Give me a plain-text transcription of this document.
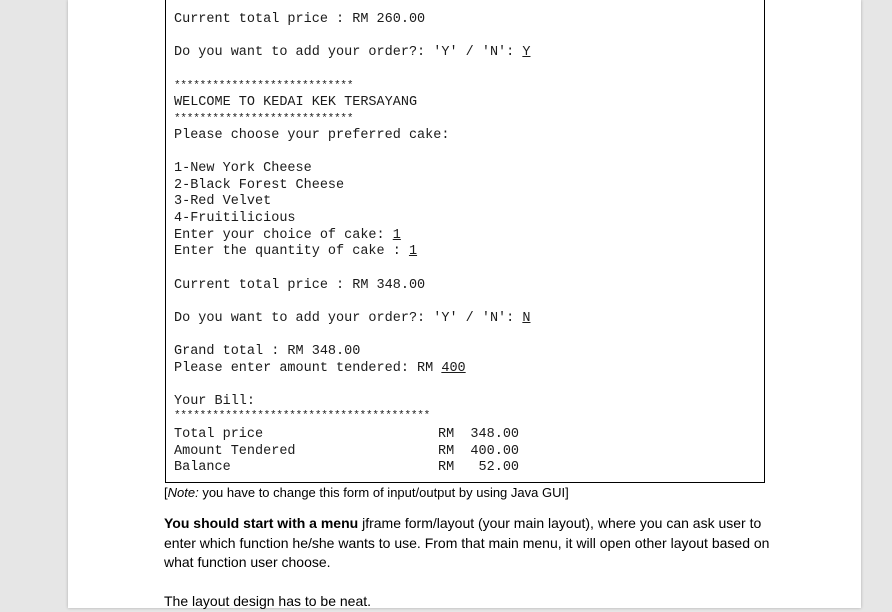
Current total price : RM 260.00
Do you want to add your order?: 'Y' / 'N': Y
****************************
WELCOME TO KEDAI KEK TERSAYANG
****************************
Please choose your preferred cake:
1-New York Cheese
2-Black Forest Cheese
3-Red Velvet
4-Fruitilicious
Enter your choice of cake: 1
Enter the quantity of cake : 1
Current total price : RM 348.00
Do you want to add your order?: 'Y' / 'N': N
Grand total : RM 348.00
Please enter amount tendered: RM 400
Your Bill:
****************************************
Total price	RM  348.00
Amount Tendered	RM  400.00
Balance	RM   52.00
[Note: you have to change this form of input/output by using Java GUI]
You should start with a menu jframe form/layout (your main layout), where you can ask user to enter which function he/she wants to use. From that main menu, it will open other layout based on what function user choose.
The layout design has to be neat.
